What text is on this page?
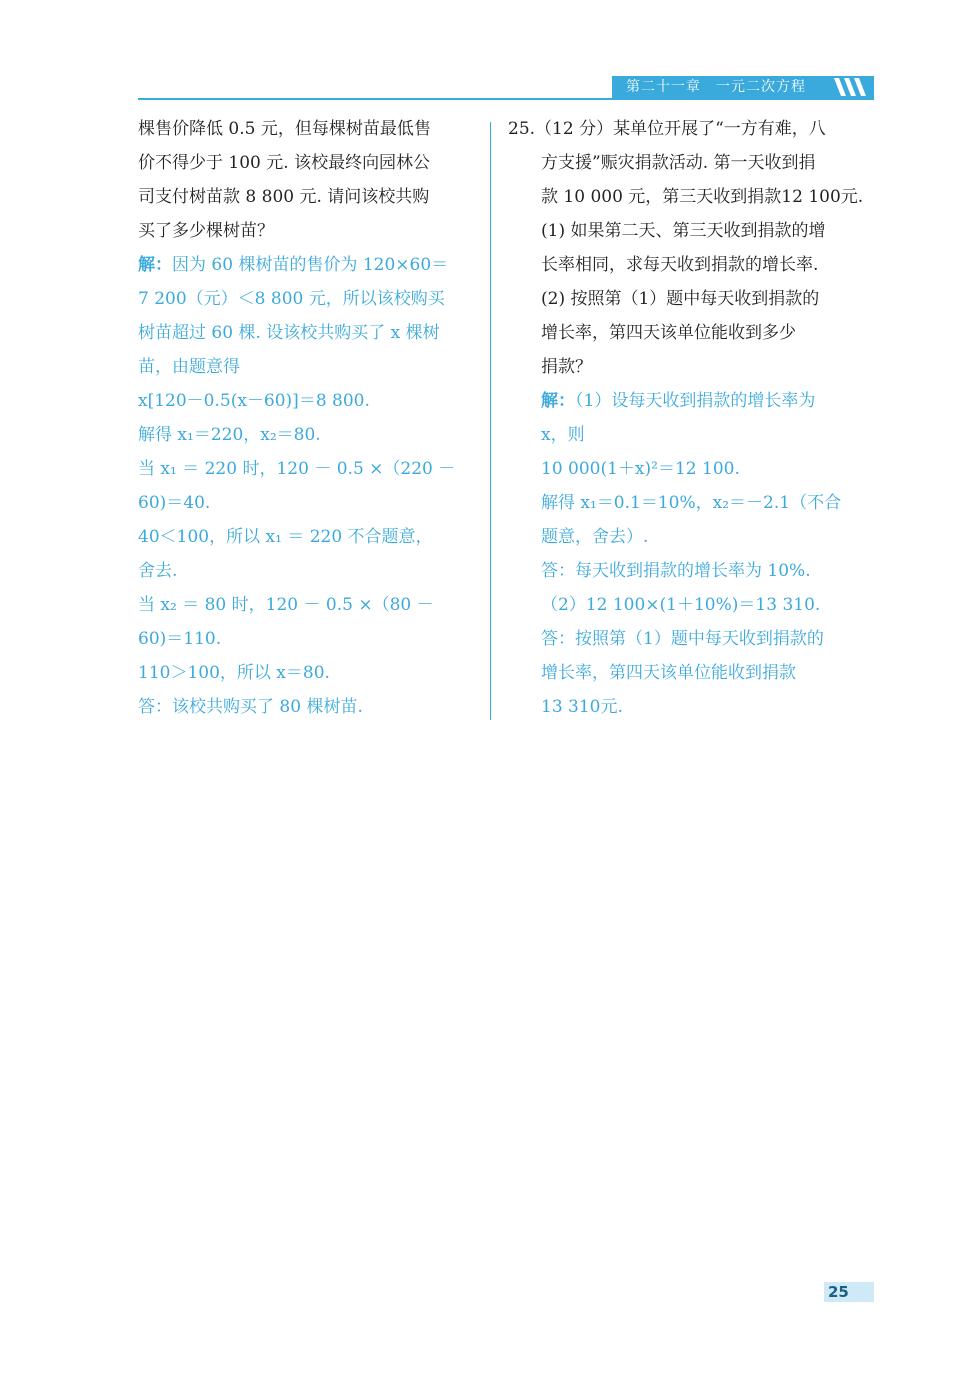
第二十一章　一元二次方程
棵售价降低 0.5 元，但每棵树苗最低售
价不得少于 100 元. 该校最终向园林公
司支付树苗款 8 800 元. 请问该校共购
买了多少棵树苗？
解：因为 60 棵树苗的售价为 120×60＝
7 200（元）＜8 800 元，所以该校购买
树苗超过 60 棵. 设该校共购买了 x 棵树
苗，由题意得
x[120－0.5(x－60)]＝8 800.
解得 x₁＝220，x₂＝80.
当 x₁ ＝ 220 时，120 － 0.5 ×（220 －
60)＝40.
40＜100，所以 x₁ ＝ 220 不合题意，
舍去.
当 x₂ ＝ 80 时，120 － 0.5 ×（80 －
60)＝110.
110＞100，所以 x＝80.
答：该校共购买了 80 棵树苗.
25.（12 分）某单位开展了“一方有难，八
方支援”赈灾捐款活动. 第一天收到捐
款 10 000 元，第三天收到捐款12 100元.
(1) 如果第二天、第三天收到捐款的增
长率相同，求每天收到捐款的增长率.
(2) 按照第（1）题中每天收到捐款的
增长率，第四天该单位能收到多少
捐款？
解：（1）设每天收到捐款的增长率为
x，则
10 000(1＋x)²＝12 100.
解得 x₁＝0.1＝10%，x₂＝－2.1（不合
题意，舍去）.
答：每天收到捐款的增长率为 10%.
（2）12 100×(1＋10%)＝13 310.
答：按照第（1）题中每天收到捐款的
增长率，第四天该单位能收到捐款
13 310元.
25
